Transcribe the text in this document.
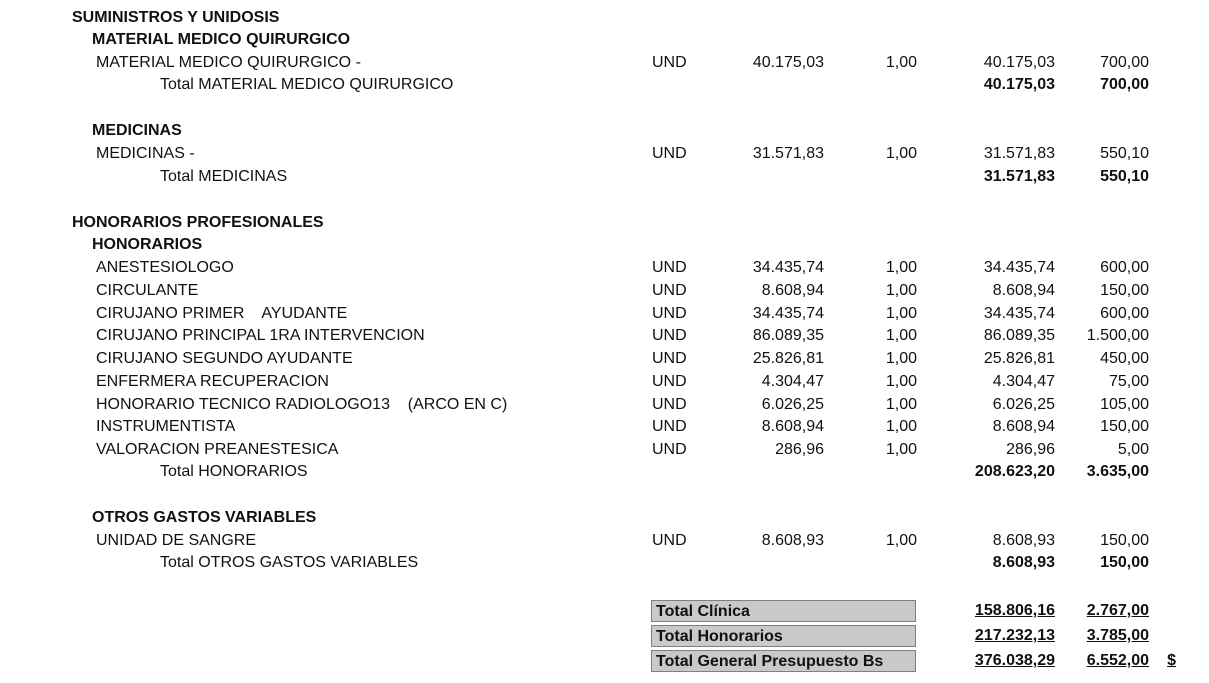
SUMINISTROS Y UNIDOSIS
MATERIAL MEDICO QUIRURGICO
MATERIAL MEDICO QUIRURGICO -	UND	40.175,03	1,00	40.175,03	700,00
Total MATERIAL MEDICO QUIRURGICO	40.175,03	700,00
MEDICINAS
MEDICINAS -	UND	31.571,83	1,00	31.571,83	550,10
Total MEDICINAS	31.571,83	550,10
HONORARIOS PROFESIONALES
HONORARIOS
ANESTESIOLOGO	UND	34.435,74	1,00	34.435,74	600,00
CIRCULANTE	UND	8.608,94	1,00	8.608,94	150,00
CIRUJANO PRIMER    AYUDANTE	UND	34.435,74	1,00	34.435,74	600,00
CIRUJANO PRINCIPAL 1RA INTERVENCION	UND	86.089,35	1,00	86.089,35 1.500,00
CIRUJANO SEGUNDO AYUDANTE	UND	25.826,81	1,00	25.826,81	450,00
ENFERMERA RECUPERACION	UND	4.304,47	1,00	4.304,47	75,00
HONORARIO TECNICO RADIOLOGO13    (ARCO EN C)	UND	6.026,25	1,00	6.026,25	105,00
INSTRUMENTISTA	UND	8.608,94	1,00	8.608,94	150,00
VALORACION PREANESTESICA	UND	286,96	1,00	286,96	5,00
Total HONORARIOS	208.623,20 3.635,00
OTROS GASTOS VARIABLES
UNIDAD DE SANGRE	UND	8.608,93	1,00	8.608,93	150,00
Total OTROS GASTOS VARIABLES	8.608,93	150,00
Total Clínica	158.806,16 2.767,00
Total Honorarios	217.232,13 3.785,00
Total General Presupuesto Bs	376.038,29 6.552,00 $
